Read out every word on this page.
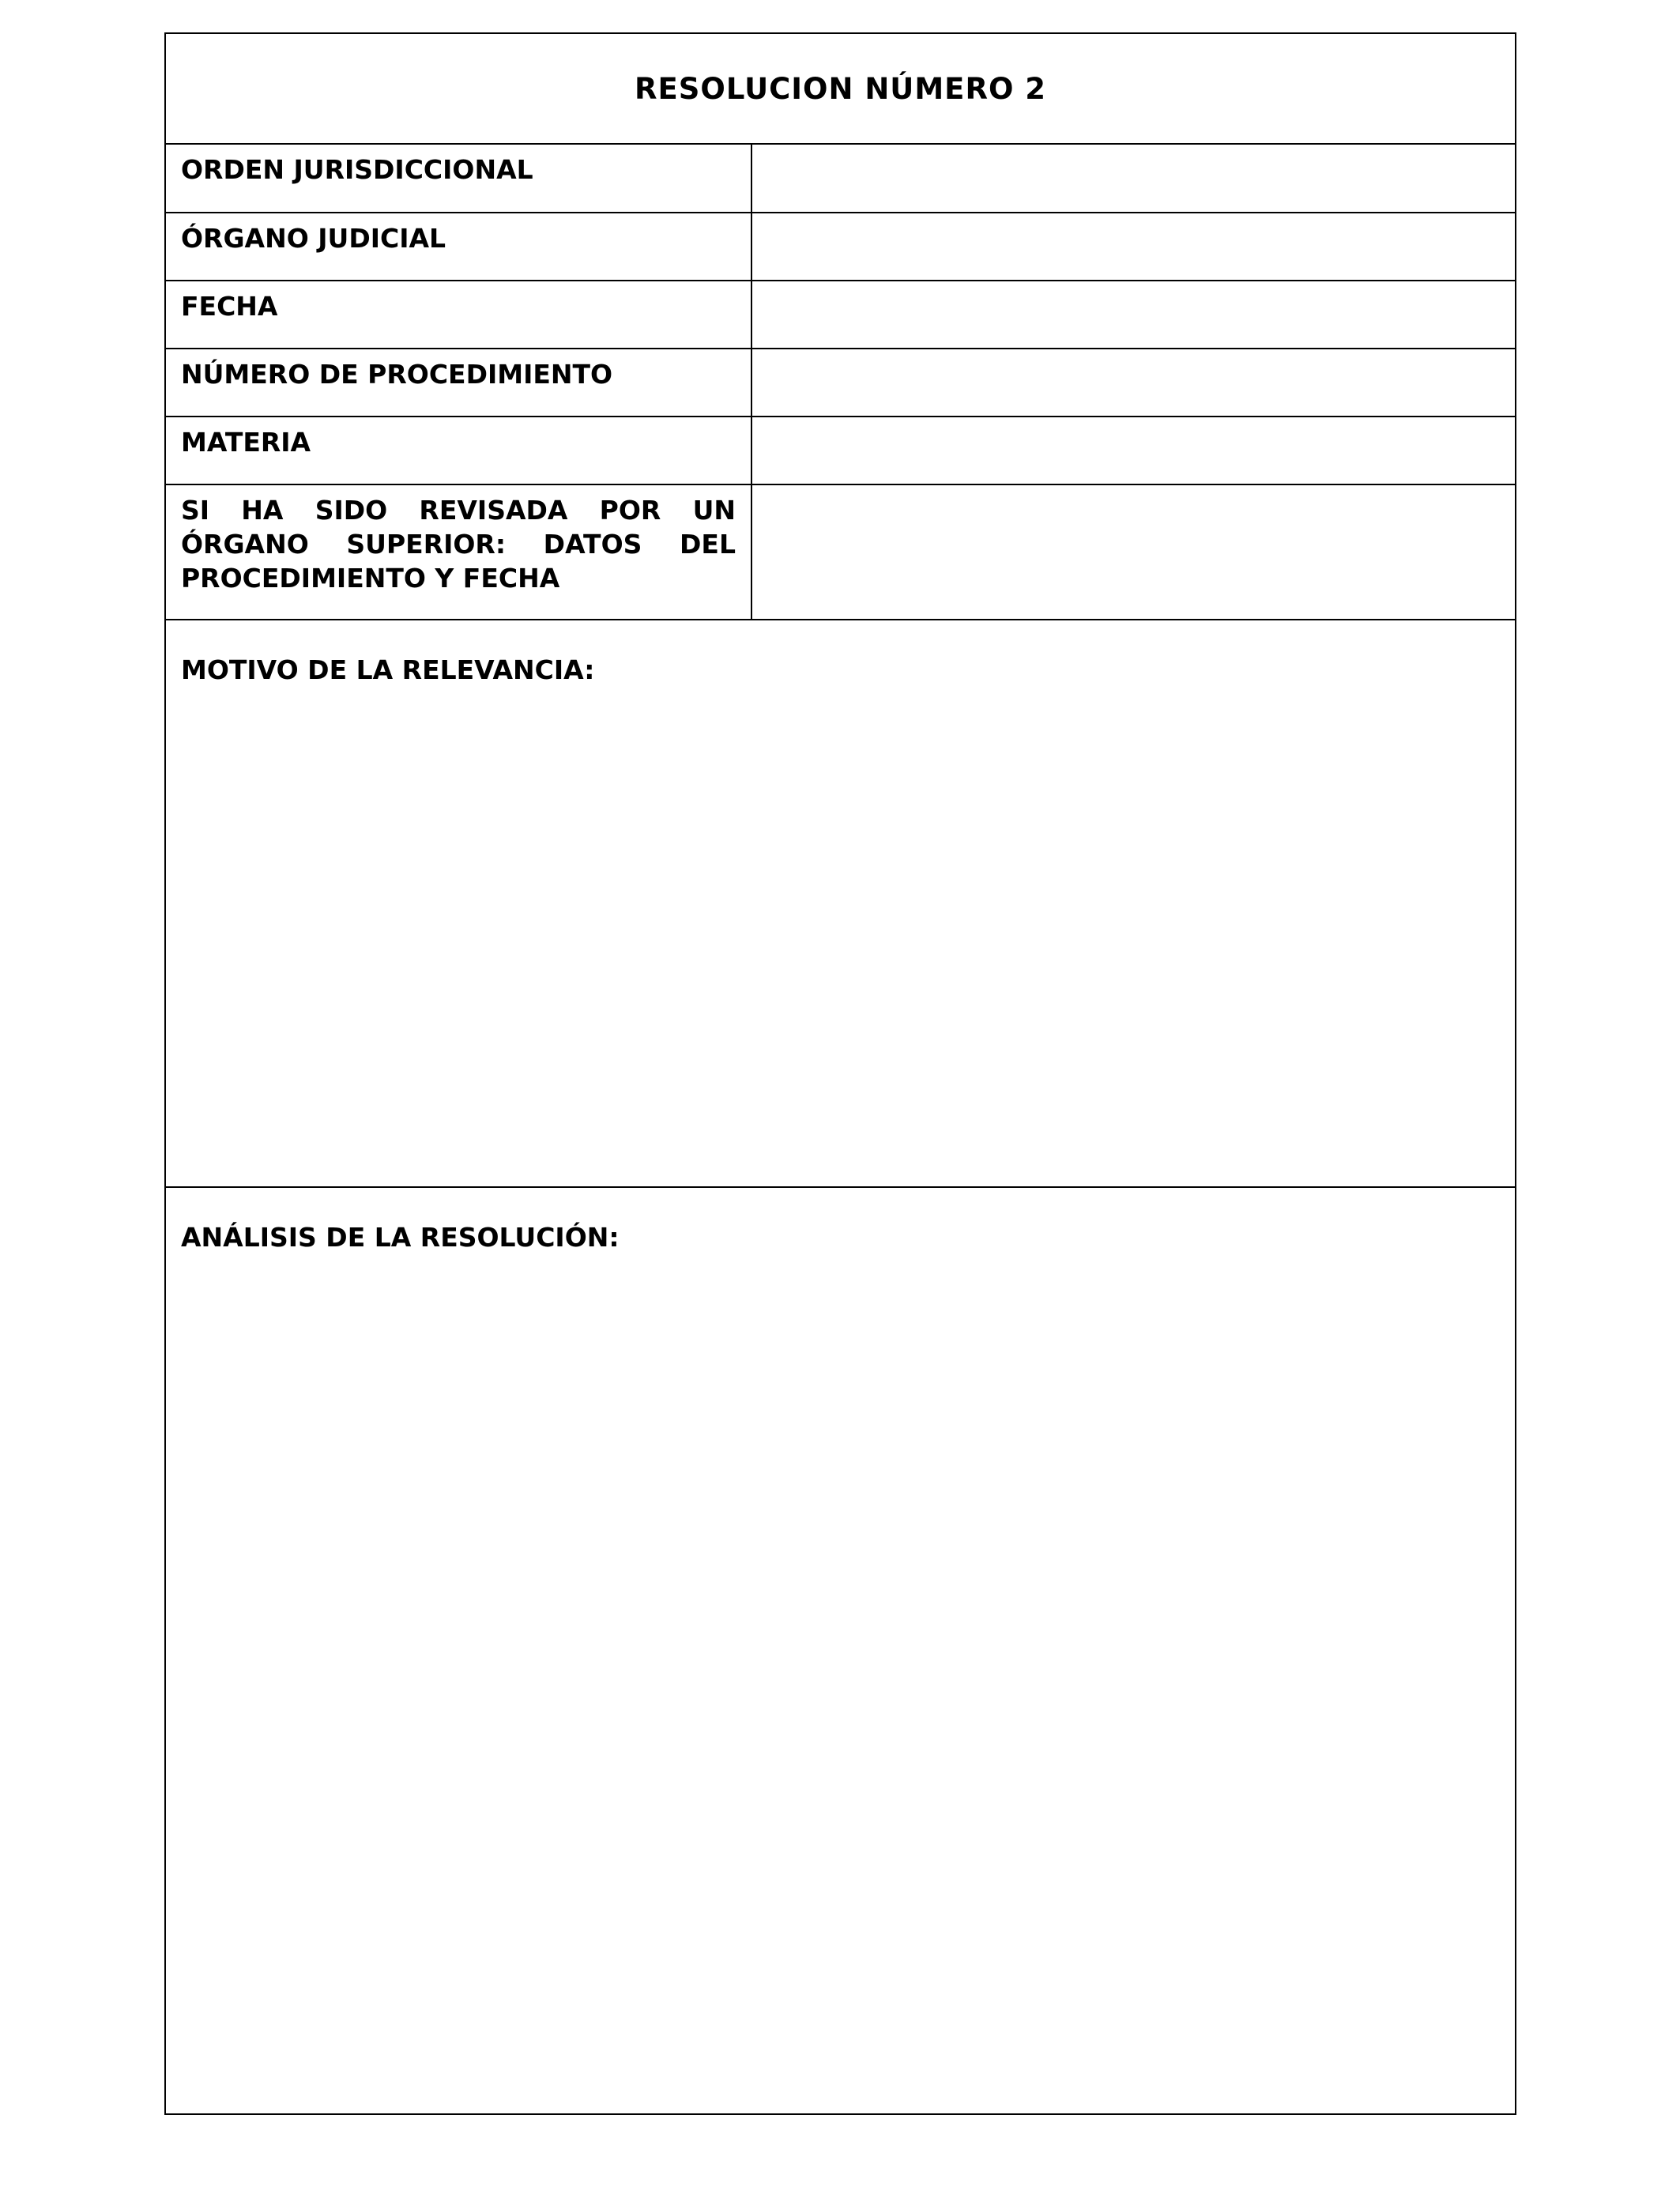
RESOLUCION NÚMERO 2
ORDEN JURISDICCIONAL
ÓRGANO JUDICIAL
FECHA
NÚMERO DE PROCEDIMIENTO
MATERIA
SI HA SIDO REVISADA POR UN ÓRGANO SUPERIOR: DATOS DEL PROCEDIMIENTO Y FECHA
MOTIVO DE LA RELEVANCIA:
ANÁLISIS DE LA RESOLUCIÓN:
